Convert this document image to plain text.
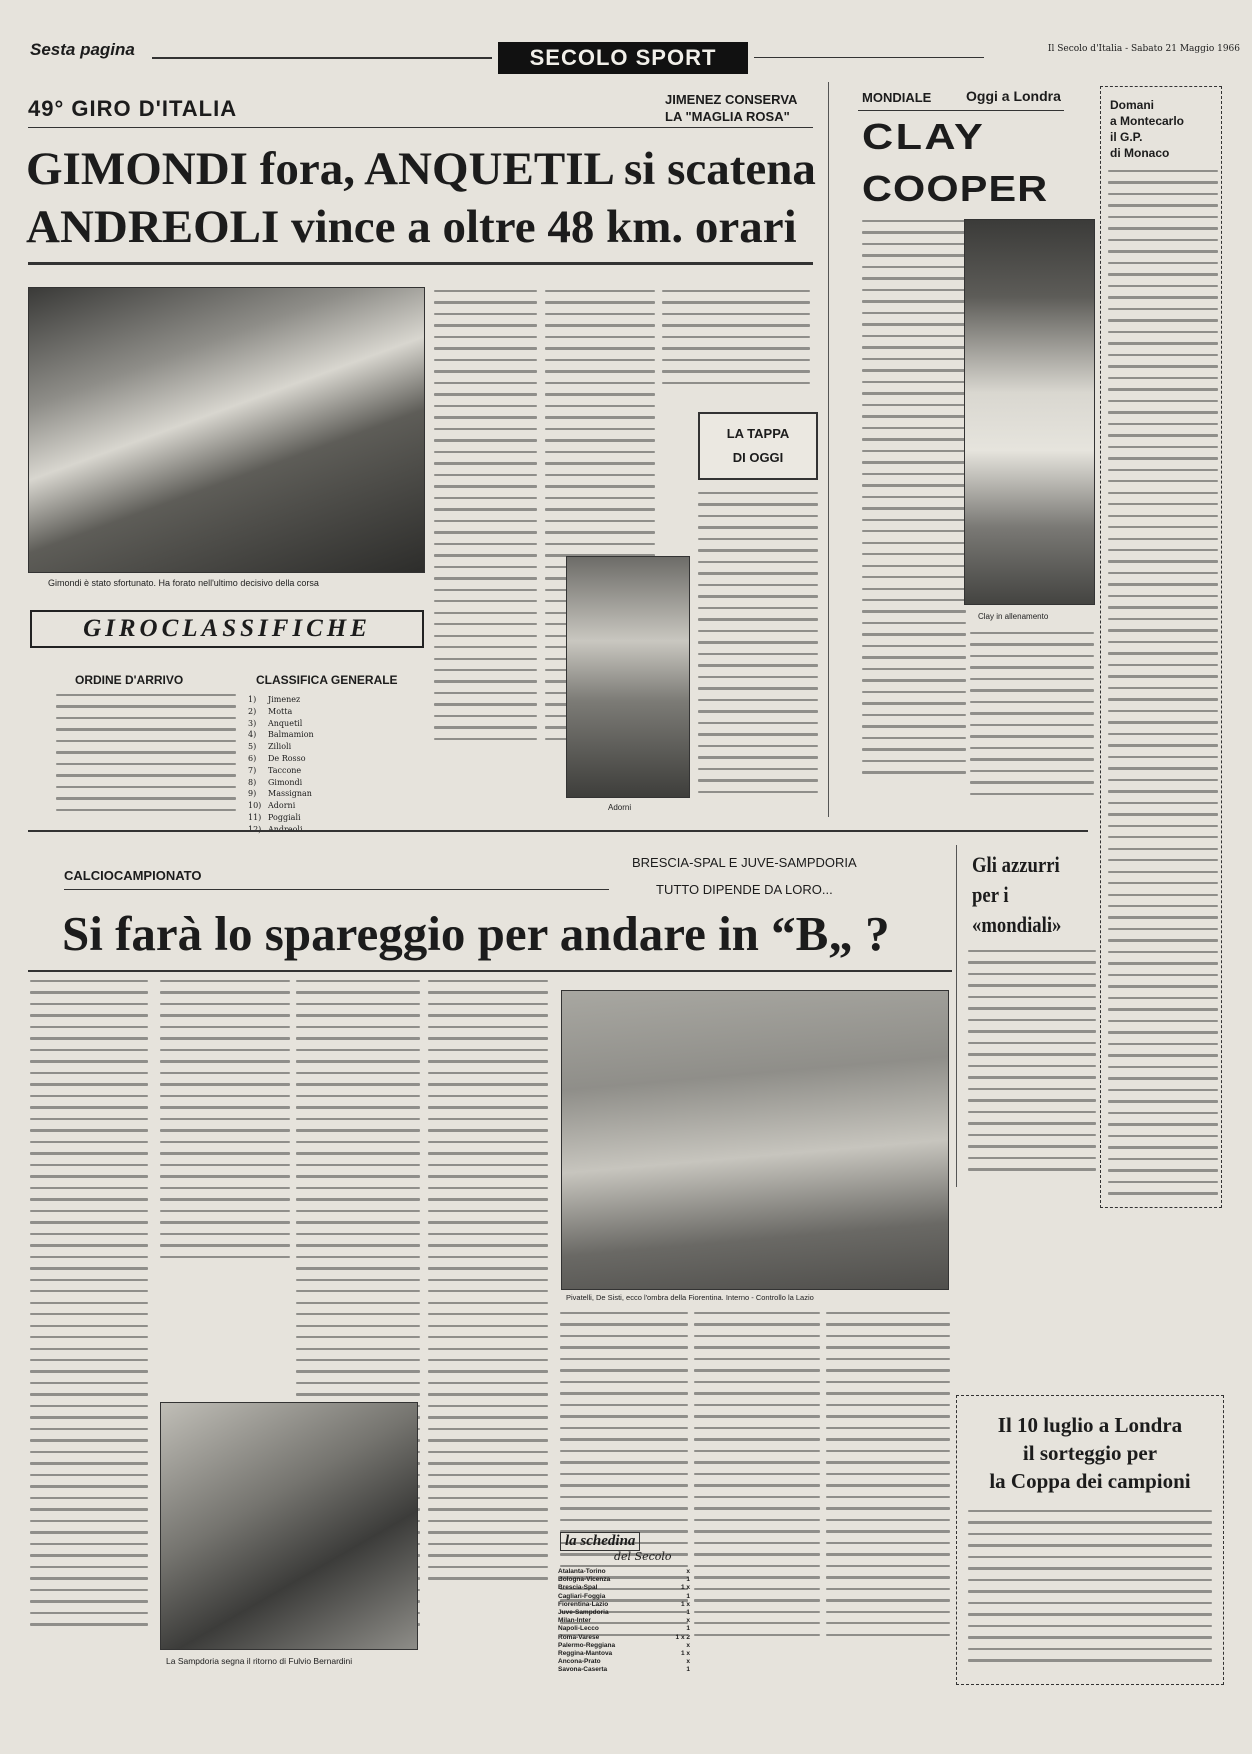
Sesta pagina	SECOLO SPORT	Il Secolo d'Italia - Sabato 21 Maggio 1966
49° GIRO D'ITALIA	JIMENEZ CONSERVA
LA "MAGLIA ROSA"
GIMONDI fora, ANQUETIL si scatena
ANDREOLI vince a oltre 48 km. orari
Gimondi è stato sfortunato. Ha forato nell'ultimo decisivo della corsa
LA TAPPA
DI OGGI
Adorni
GIROCLASSIFICHE
ORDINE D'ARRIVO	CLASSIFICA GENERALE
1) Jimenez
2) Motta
3) Anquetil
4) Balmamion
5) Zilioli
6) De Rosso
7) Taccone
8) Gimondi
9) Massignan
10) Adorni
11) Poggiali
MONDIALE Oggi a Londra
CLAY
COOPER
Clay in allenamento
Domani
a Montecarlo
il G.P.
di Monaco
CALCIOCAMPIONATO
BRESCIA-SPAL E JUVE-SAMPDORIA
TUTTO DIPENDE DA LORO...
Si farà lo spareggio per andare in “B„ ?
Pivatelli, De Sisti, ecco l'ombra della Fiorentina. Interno - Controllo la Lazio
La Sampdoria segna il ritorno di Fulvio Bernardini
la schedina
del Secolo
Atalanta-Torino	x
Bologna-Vicenza	1
Brescia-Spal	1 x
Cagliari-Foggia	1
Fiorentina-Lazio	1 x
Juve-Sampdoria	1
Milan-Inter	x
Napoli-Lecco	1
Roma-Varese	1 x 2
Palermo-Reggiana	x
Reggina-Mantova	1 x
Ancona-Prato	x
Savona-Caserta	1
Gli azzurri
per i
«mondiali»
Il 10 luglio a Londra
il sorteggio per
la Coppa dei campioni
